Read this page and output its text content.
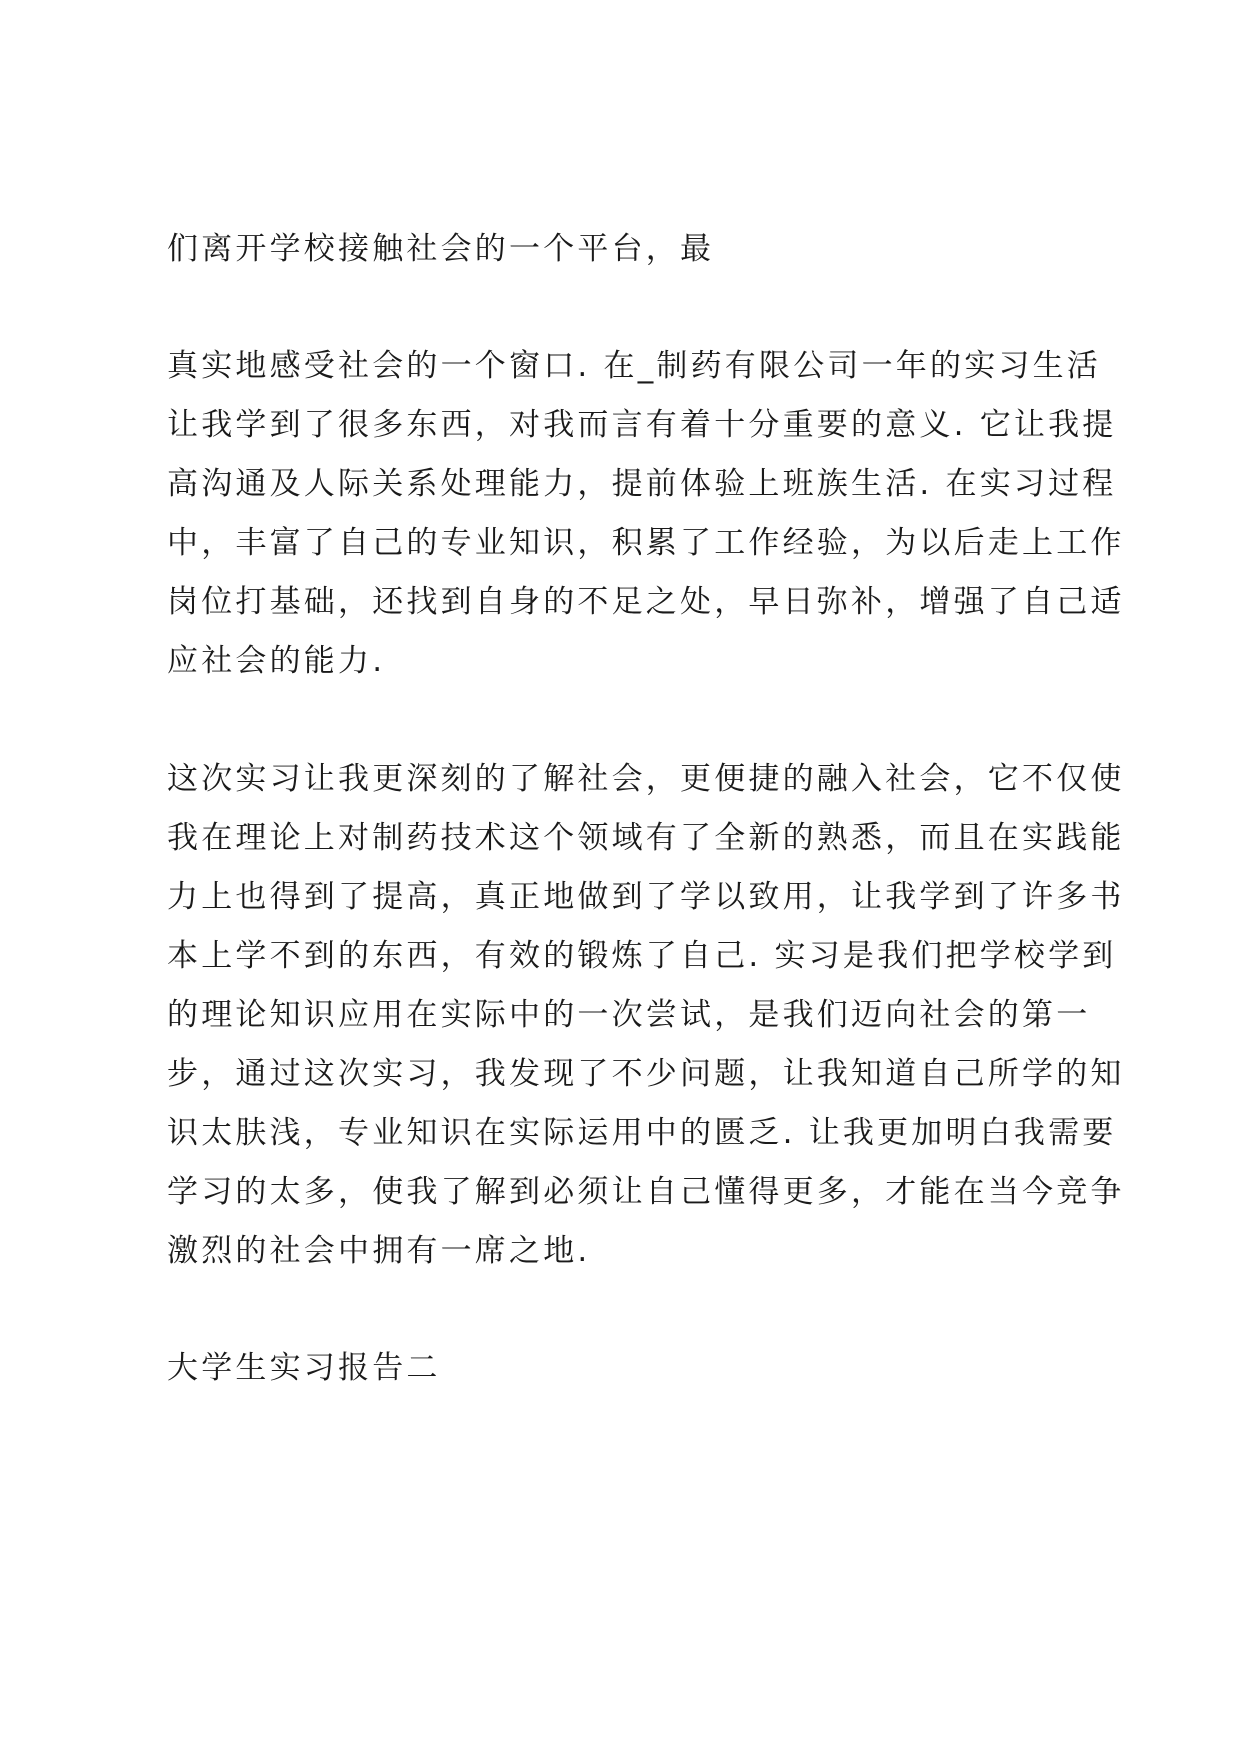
们离开学校接触社会的一个平台，最
真实地感受社会的一个窗口. 在_制药有限公司一年的实习生活
让我学到了很多东西，对我而言有着十分重要的意义. 它让我提
高沟通及人际关系处理能力，提前体验上班族生活. 在实习过程
中，丰富了自己的专业知识，积累了工作经验，为以后走上工作
岗位打基础，还找到自身的不足之处，早日弥补，增强了自己适
应社会的能力.
这次实习让我更深刻的了解社会，更便捷的融入社会，它不仅使
我在理论上对制药技术这个领域有了全新的熟悉，而且在实践能
力上也得到了提高，真正地做到了学以致用，让我学到了许多书
本上学不到的东西，有效的锻炼了自己. 实习是我们把学校学到
的理论知识应用在实际中的一次尝试，是我们迈向社会的第一
步，通过这次实习，我发现了不少问题，让我知道自己所学的知
识太肤浅，专业知识在实际运用中的匮乏. 让我更加明白我需要
学习的太多，使我了解到必须让自己懂得更多，才能在当今竞争
激烈的社会中拥有一席之地.
大学生实习报告二
